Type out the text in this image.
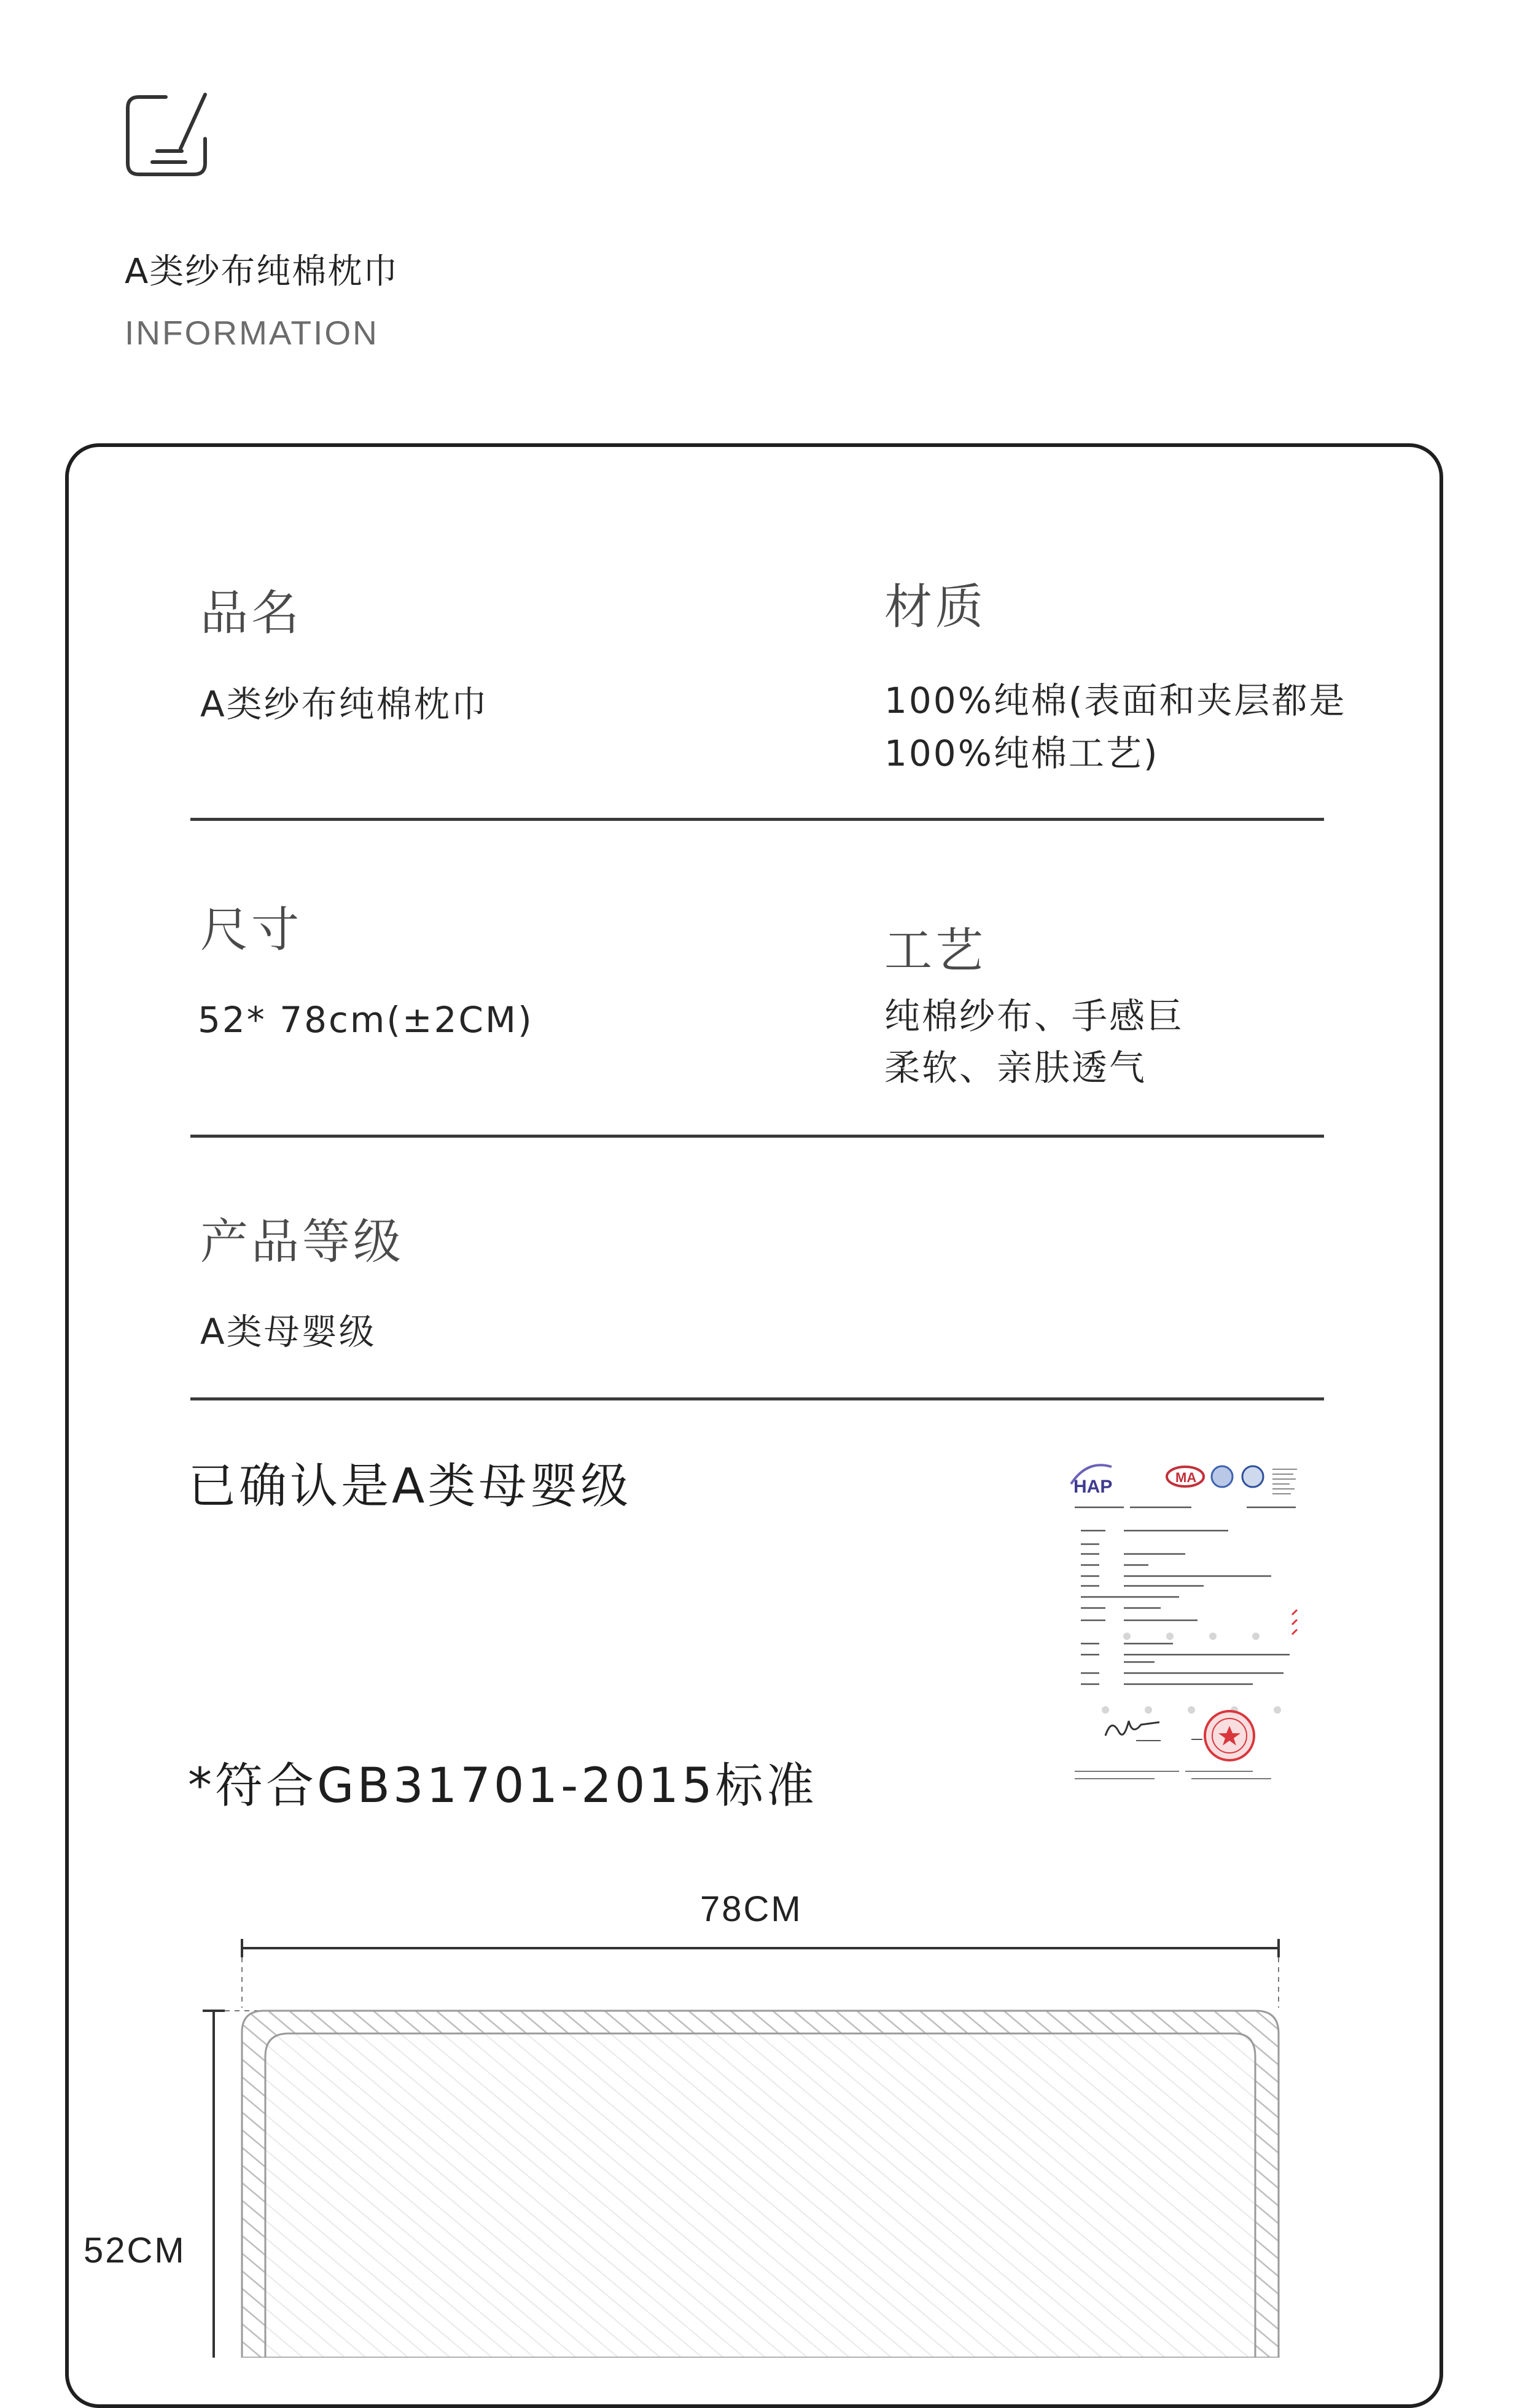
A类纱布纯棉枕巾
INFORMATION
品名
A类纱布纯棉枕巾
材质
100%纯棉(表面和夹层都是
100%纯棉工艺)
尺寸
52* 78cm(±2CM)
工艺
纯棉纱布、手感巨
柔软、亲肤透气
产品等级
A类母婴级
已确认是A类母婴级
*符合GB31701-2015标准
HAP	MA
78CM
52CM
